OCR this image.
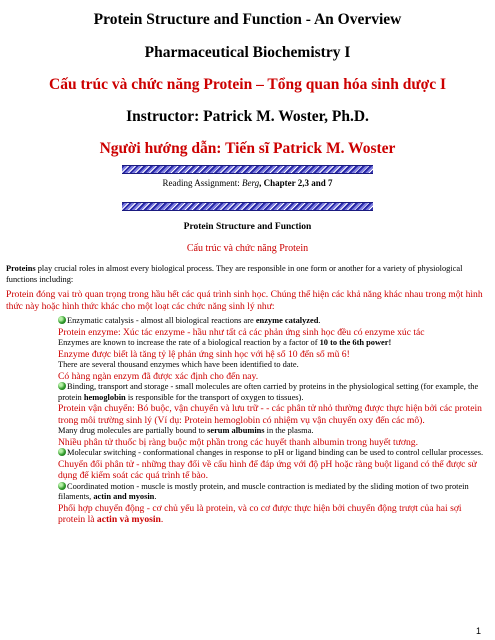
Protein Structure and Function - An Overview

Pharmaceutical Biochemistry I

Cấu trúc và chức năng Protein – Tổng quan hóa sinh dược I

Instructor: Patrick M. Woster, Ph.D.

Người hướng dẫn: Tiến sĩ Patrick M. Woster

Reading Assignment: Berg, Chapter 2,3 and 7
Protein Structure and Function
Cấu trúc và chức năng Protein

Proteins play crucial roles in almost every biological process. They are responsible in one form or another for a variety of physiological functions including:

Protein đóng vai trò quan trọng trong hầu hết các quá trình sinh học. Chúng thể hiện các khả năng khác nhau trong một hình thức này hoặc hình thức khác cho một loạt các chức năng sinh lý như:

Enzymatic catalysis - almost all biological reactions are enzyme catalyzed.

Protein enzyme: Xúc tác enzyme - hầu như tất cả các phản ứng sinh học đều có enzyme xúc tác

Enzymes are known to increase the rate of a biological reaction by a factor of 10 to the 6th power!

Enzyme được biết là tăng tỷ lệ phản ứng sinh học với hệ số 10 đến số mũ 6!

There are several thousand enzymes which have been identified to date.

Có hàng ngàn enzym đã được xác định cho đến nay.

Binding, transport and storage - small molecules are often carried by proteins in the physiological setting (for example, the protein hemoglobin is responsible for the transport of oxygen to tissues).

Protein vận chuyển: Bó buộc, vận chuyển và lưu trữ - - các phân tử nhỏ thường được thực hiện bởi các protein trong môi trường sinh lý (Ví dụ: Protein hemoglobin có nhiệm vụ vận chuyển oxy đến các mô).

Many drug molecules are partially bound to serum albumins in the plasma.

Nhiều phân tử thuốc bị ràng buộc một phần trong các huyết thanh albumin trong huyết tương.

Molecular switching - conformational changes in response to pH or ligand binding can be used to control cellular processes.

Chuyển đổi phân tử - những thay đổi về cấu hình để đáp ứng với độ pH hoặc ràng buột ligand có thể được sử dụng để kiểm soát các quá trình tế bào.

Coordinated motion - muscle is mostly protein, and muscle contraction is mediated by the sliding motion of two protein filaments, actin and myosin.

Phối hợp chuyển động - cơ chủ yếu là protein, và co cơ được thực hiện bởi chuyển động trượt của hai sợi protein là actin và myosin.

1
